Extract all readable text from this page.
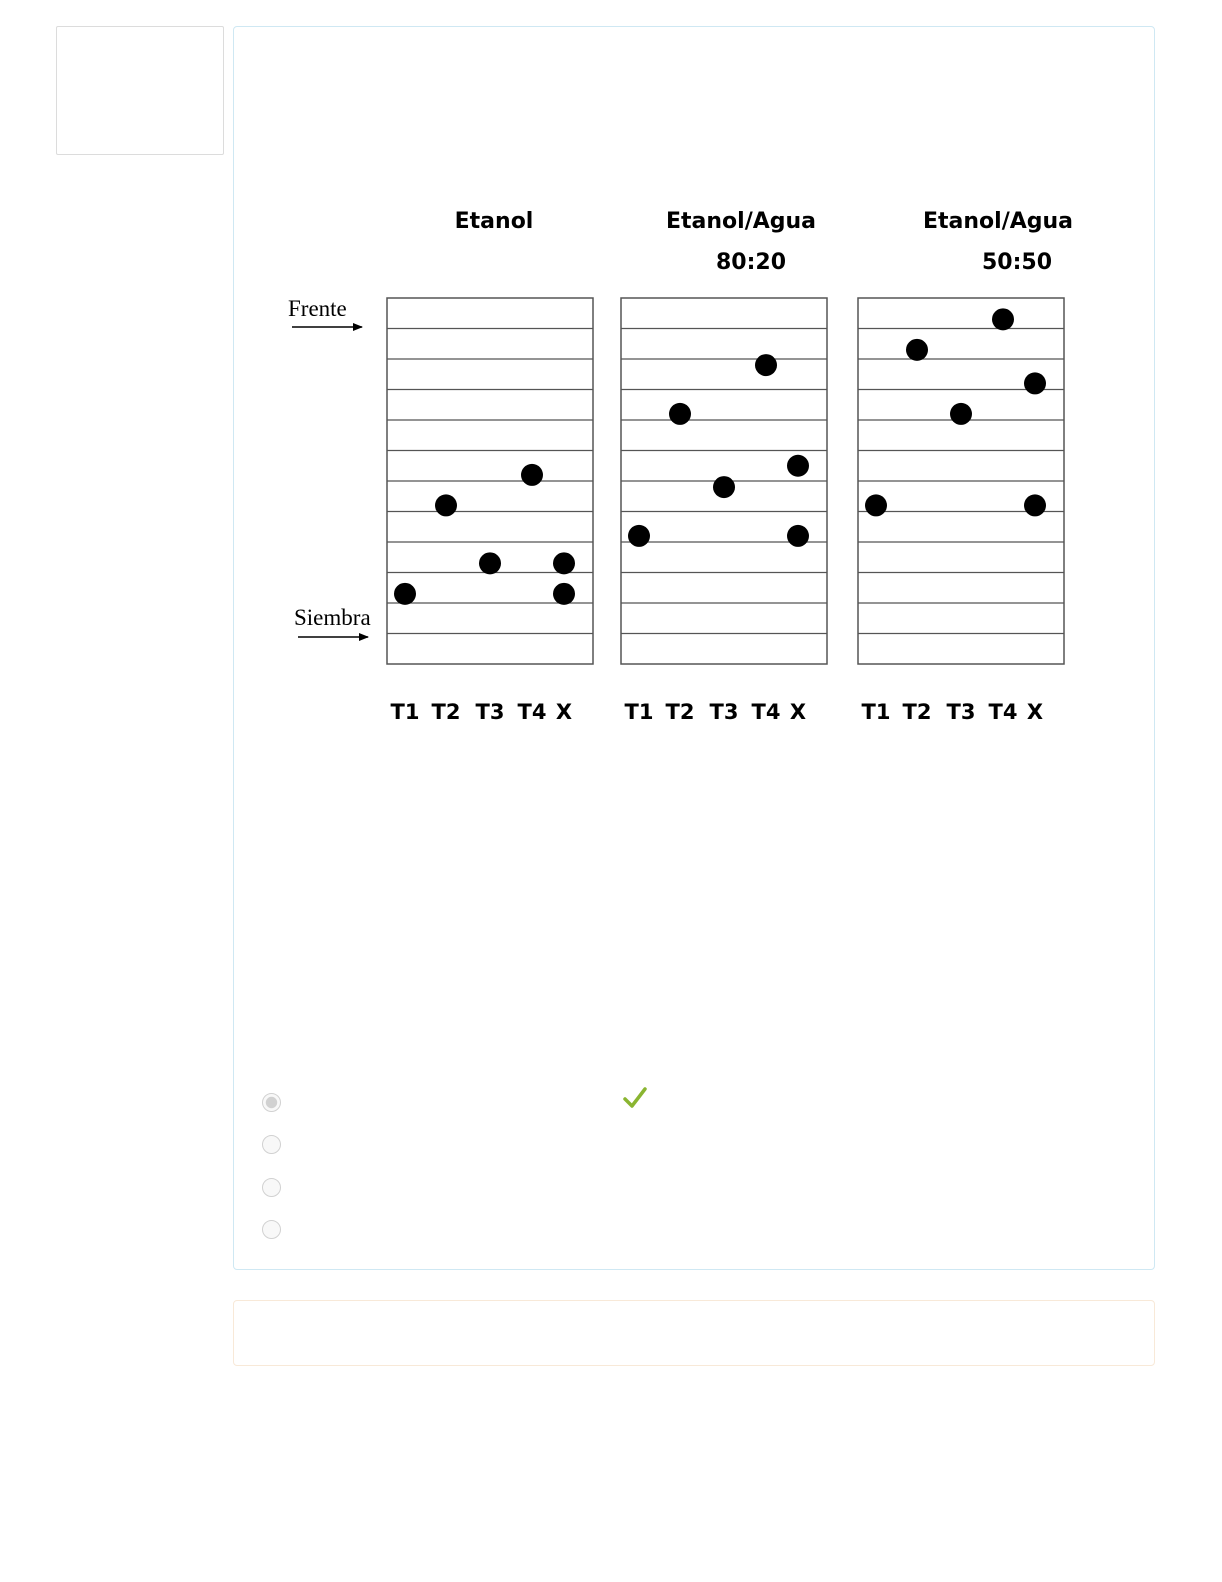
Etanol	Etanol/Agua
80:20
Etanol/Agua
50:50
T1 T2 T3 T4 X T1 T2 T3 T4 X	T1 T2 T3 T4 X
Frente
Siembra
